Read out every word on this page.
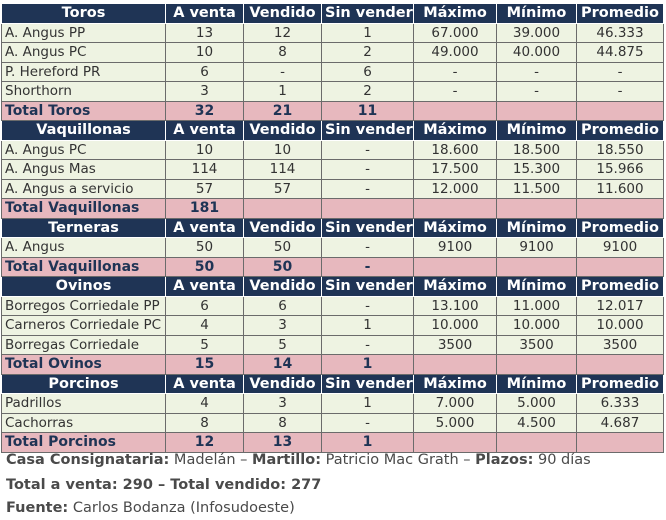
Toros	A venta	Vendido	Sin vender	Máximo	Mínimo	Promedio
A. Angus PP	13	12	1	67.000	39.000	46.333
A. Angus PC	10	8	2	49.000	40.000	44.875
P. Hereford PR	6	-	6	-	-	-
Shorthorn	3	1	2	-	-	-
Total Toros	32	21	11			
Vaquillonas	A venta	Vendido	Sin vender	Máximo	Mínimo	Promedio
A. Angus PC	10	10	-	18.600	18.500	18.550
A. Angus Mas	114	114	-	17.500	15.300	15.966
A. Angus a servicio	57	57	-	12.000	11.500	11.600
Total Vaquillonas	181					
Terneras	A venta	Vendido	Sin vender	Máximo	Mínimo	Promedio
A. Angus	50	50	-	9100	9100	9100
Total Vaquillonas	50	50	-			
Ovinos	A venta	Vendido	Sin vender	Máximo	Mínimo	Promedio
Borregos Corriedale PP	6	6	-	13.100	11.000	12.017
Carneros Corriedale PC	4	3	1	10.000	10.000	10.000
Borregas Corriedale	5	5	-	3500	3500	3500
Total Ovinos	15	14	1			
Porcinos	A venta	Vendido	Sin vender	Máximo	Mínimo	Promedio
Padrillos	4	3	1	7.000	5.000	6.333
Cachorras	8	8	-	5.000	4.500	4.687
Total Porcinos	12	13	1			
Casa Consignataria: Madelán – Martillo: Patricio Mac Grath – Plazos: 90 días
Total a venta: 290 – Total vendido: 277
Fuente: Carlos Bodanza (Infosudoeste)
